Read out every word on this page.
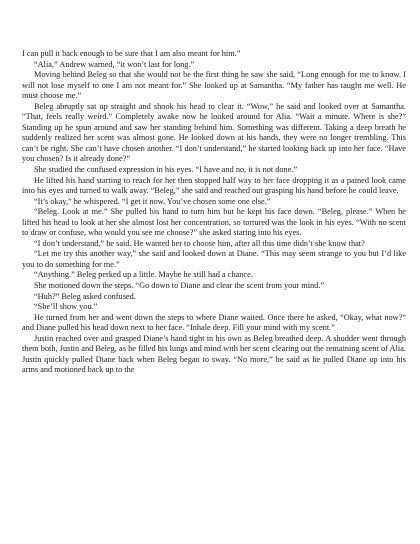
I can pull it back enough to be sure that I am also meant for him.”

“Alia,” Andrew warned, “it won’t last for long.”

Moving behind Beleg so that she would not be the first thing he saw she said, “Long enough for me to know. I will not lose myself to one I am not meant for.” She looked up at Samantha. “My father has taught me well. He must choose me.”

Beleg abruptly sat up straight and shook his head to clear it. “Wow,” he said and looked over at Samantha. “That, feels really weird.” Completely awake now he looked around for Alia. “Wait a minute. Where is she?” Standing up he spun around and saw her standing behind him. Something was different. Taking a deep breath he suddenly realized her scent was almost gone. He looked down at his hands, they were no longer trembling. This can’t be right. She can’t have chosen another. “I don’t understand,” he started looking back up into her face. “Have you chosen? Is it already done?”

She studied the confused expression in his eyes. “I have and no, it is not done.”

He lifted his hand starting to reach for her then stopped half way to her face dropping it as a pained look came into his eyes and turned to walk away. “Beleg,” she said and reached out grasping his hand before he could leave.

“It’s okay,” he whispered. “I get it now. You’ve chosen some one else.”

“Beleg. Look at me.” She pulled his hand to turn him but he kept his face down. “Beleg, please.” When he lifted his head to look at her she almost lost her concentration, so tortured was the look in his eyes. “With no scent to draw or confuse, who would you see me choose?” she asked staring into his eyes.

“I don’t understand,” he said. He wanted her to choose him, after all this time didn’t she know that?

“Let me try this another way,” she said and looked down at Diane. “This may seem strange to you but I’d like you to do something for me.”

“Anything.” Beleg perked up a little. Maybe he still had a chance.

She motioned down the steps. “Go down to Diane and clear the scent from your mind.”

“Huh?” Beleg asked confused.

“She’ll show you.”

He turned from her and went down the steps to where Diane waited. Once there he asked, “Okay, what now?” and Diane pulled his head down next to her face. “Inhale deep. Fill your mind with my scent.”

Justin reached over and grasped Diane’s hand tight in his own as Beleg breathed deep. A shudder went through them both, Justin and Beleg, as he filled his lungs and mind with her scent clearing out the remaining scent of Alia. Justin quickly pulled Diane back when Beleg began to sway. “No more,” he said as he pulled Diane up into his arms and motioned back up to the
